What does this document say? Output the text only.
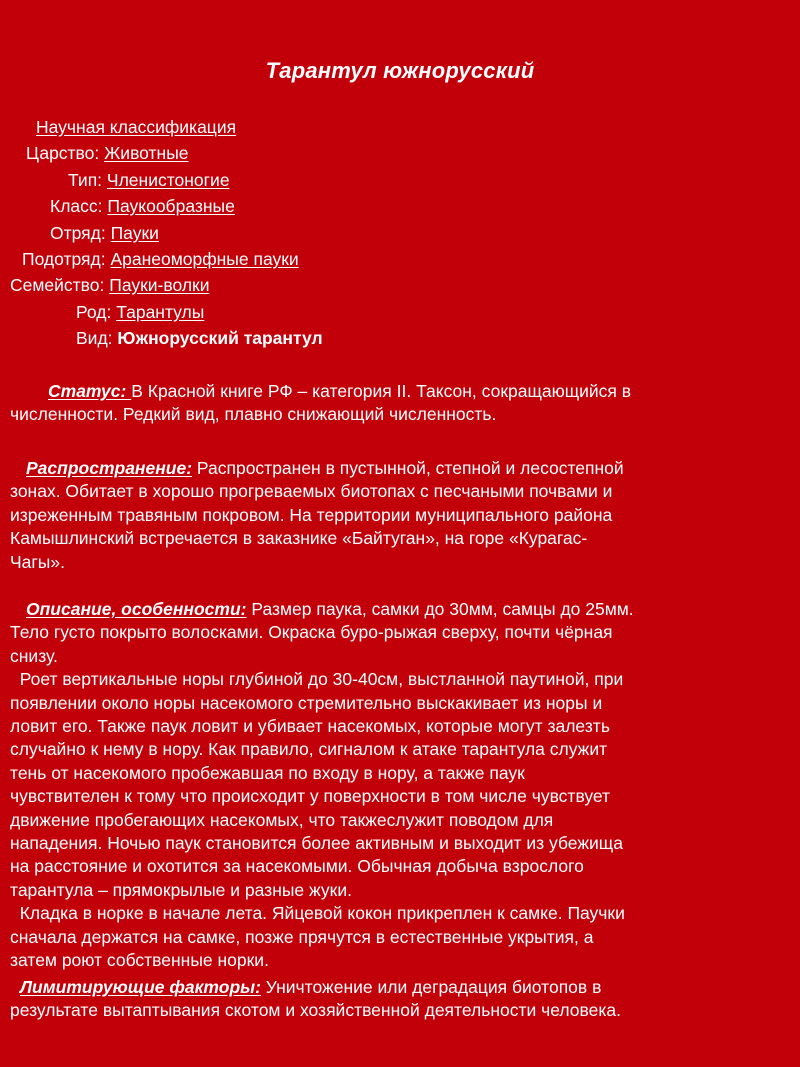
Тарантул южнорусский
Научная классификация
Царство: Животные
Тип: Членистоногие
Класс: Паукообразные
Отряд: Пауки
Подотряд: Аранеоморфные пауки
Семейство: Пауки-волки
Род: Тарантулы
Вид: Южнорусский тарантул
Статус: В Красной книге РФ – категория II. Таксон, сокращающийся в
численности. Редкий вид, плавно снижающий численность.
Распространение: Распространен в пустынной, степной и лесостепной
зонах. Обитает в хорошо прогреваемых биотопах с песчаными почвами и
изреженным травяным покровом. На территории муниципального района
Камышлинский встречается в заказнике «Байтуган», на горе «Курагас-
Чагы».
Описание, особенности: Размер паука, самки до 30мм, самцы до 25мм.
Тело густо покрыто волосками. Окраска буро-рыжая сверху, почти чёрная
снизу.
Роет вертикальные норы глубиной до 30-40см, выстланной паутиной, при
появлении около норы насекомого стремительно выскакивает из норы и
ловит его. Также паук ловит и убивает насекомых, которые могут залезть
случайно к нему в нору. Как правило, сигналом к атаке тарантула служит
тень от насекомого пробежавшая по входу в нору, а также паук
чувствителен к тому что происходит у поверхности в том числе чувствует
движение пробегающих насекомых, что такжеслужит поводом для
нападения. Ночью паук становится более активным и выходит из убежища
на расстояние и охотится за насекомыми. Обычная добыча взрослого
тарантула – прямокрылые и разные жуки.
Кладка в норке в начале лета. Яйцевой кокон прикреплен к самке. Паучки
сначала держатся на самке, позже прячутся в естественные укрытия, а
затем роют собственные норки.
Лимитирующие факторы: Уничтожение или деградация биотопов в
результате вытаптывания скотом и хозяйственной деятельности человека.
